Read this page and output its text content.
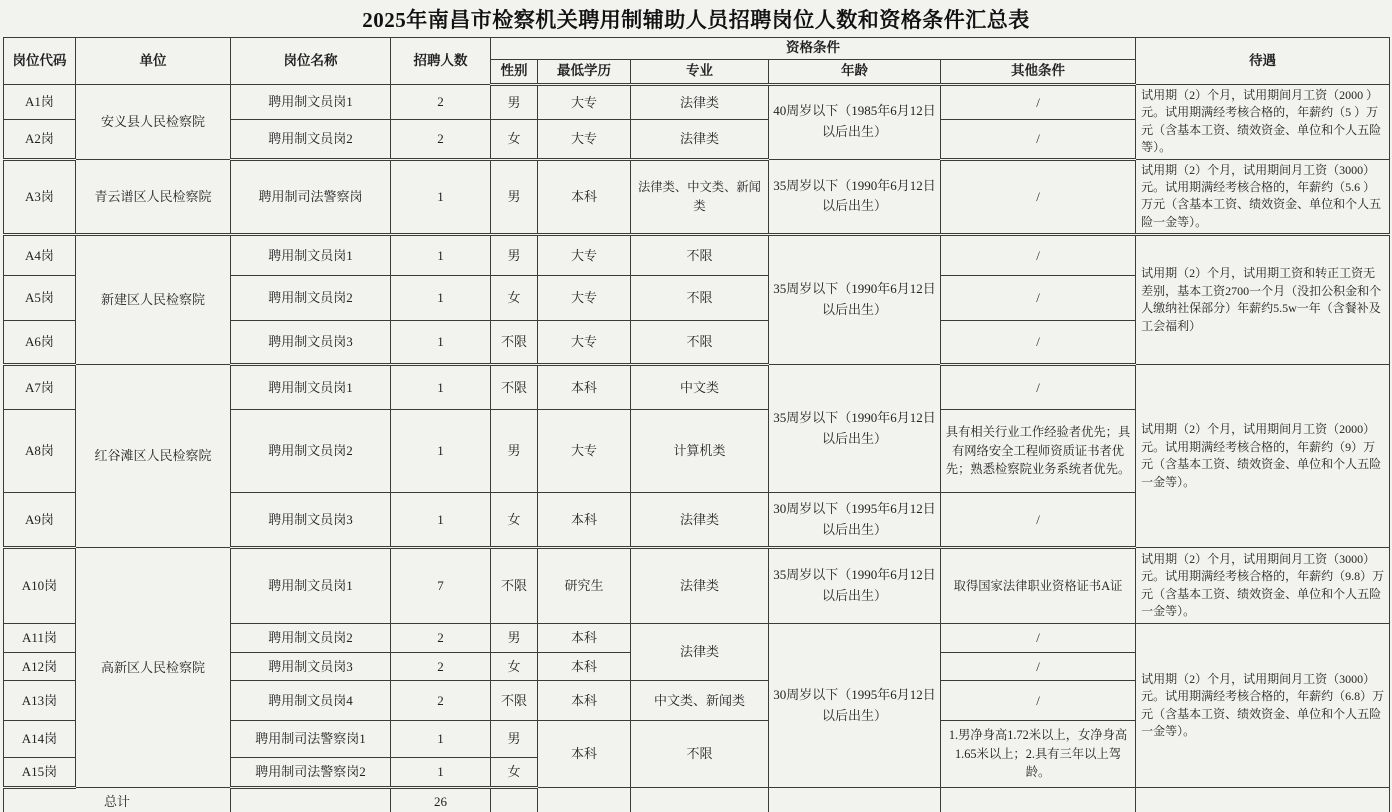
2025年南昌市检察机关聘用制辅助人员招聘岗位人数和资格条件汇总表
岗位代码	单位	岗位名称	招聘人数	资格条件					待遇
				性别	最低学历	专业	年龄	其他条件	
A1岗	安义县人民检察院	聘用制文员岗1	2	男	大专	法律类	40周岁以下（1985年6月12日以后出生）	/	试用期（2）个月，试用期间月工资（2000 ）元。试用期满经考核合格的，年薪约（5 ）万元（含基本工资、绩效资金、单位和个人五险等）。
A2岗		聘用制文员岗2	2	女	大专	法律类		/	
A3岗	青云谱区人民检察院	聘用制司法警察岗	1	男	本科	法律类、中文类、新闻类	35周岁以下（1990年6月12日以后出生）	/	试用期（2）个月，试用期间月工资（3000）元。试用期满经考核合格的，年薪约（5.6 ）万元（含基本工资、绩效资金、单位和个人五险一金等）。
A4岗	新建区人民检察院	聘用制文员岗1	1	男	大专	不限	35周岁以下（1990年6月12日以后出生）	/	试用期（2）个月，试用期工资和转正工资无差别，基本工资2700一个月（没扣公积金和个人缴纳社保部分）年薪约5.5w一年（含餐补及工会福利）
A5岗		聘用制文员岗2	1	女	大专	不限		/	
A6岗		聘用制文员岗3	1	不限	大专	不限		/	
A7岗	红谷滩区人民检察院	聘用制文员岗1	1	不限	本科	中文类	35周岁以下（1990年6月12日以后出生）	/	试用期（2）个月，试用期间月工资（2000）元。试用期满经考核合格的，年薪约（9）万元（含基本工资、绩效资金、单位和个人五险一金等）。
A8岗		聘用制文员岗2	1	男	大专	计算机类		具有相关行业工作经验者优先；具有网络安全工程师资质证书者优先；熟悉检察院业务系统者优先。	
A9岗		聘用制文员岗3	1	女	本科	法律类	30周岁以下（1995年6月12日以后出生）	/	
A10岗	高新区人民检察院	聘用制文员岗1	7	不限	研究生	法律类	35周岁以下（1990年6月12日以后出生）	取得国家法律职业资格证书A证	试用期（2）个月，试用期间月工资（3000）元。试用期满经考核合格的，年薪约（9.8）万元（含基本工资、绩效资金、单位和个人五险一金等）。
A11岗		聘用制文员岗2	2	男	本科	法律类	30周岁以下（1995年6月12日以后出生）	/	试用期（2）个月，试用期间月工资（3000）元。试用期满经考核合格的，年薪约（6.8）万元（含基本工资、绩效资金、单位和个人五险一金等）。
A12岗		聘用制文员岗3	2	女	本科			/	
A13岗		聘用制文员岗4	2	不限	本科	中文类、新闻类		/	
A14岗		聘用制司法警察岗1	1	男	本科	不限		1.男净身高1.72米以上，女净身高1.65米以上；2.具有三年以上驾龄。	
A15岗		聘用制司法警察岗2	1	女					
总计			26						
